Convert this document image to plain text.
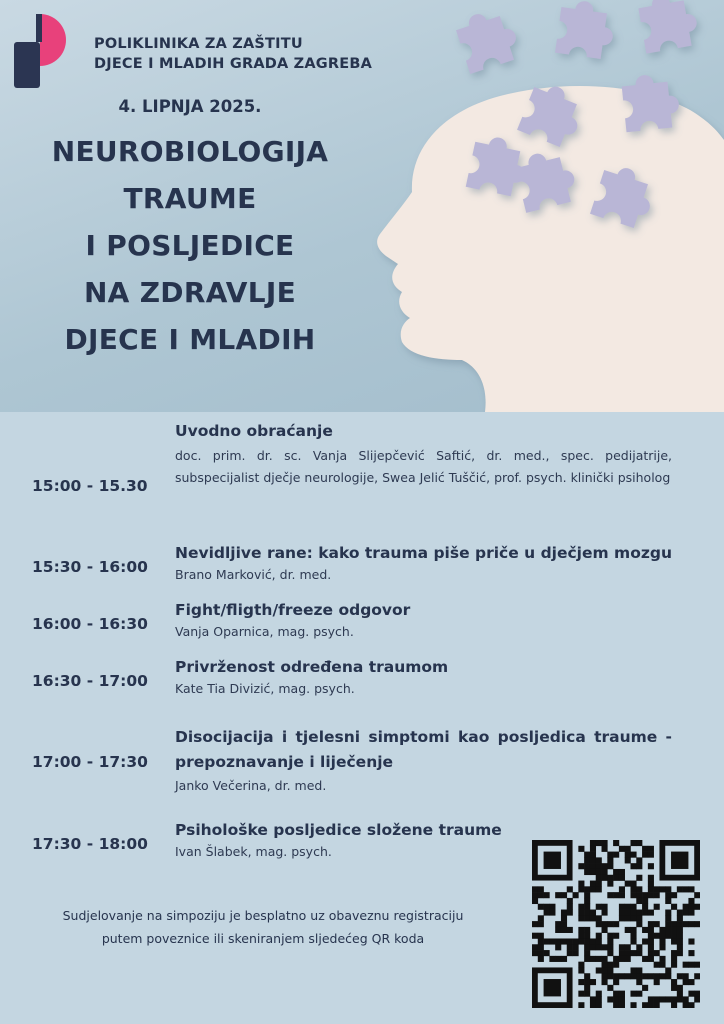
POLIKLINIKA ZA ZAŠTITU
DJECE I MLADIH GRADA ZAGREBA
4. LIPNJA 2025.
NEUROBIOLOGIJA
TRAUME
I POSLJEDICE
NA ZDRAVLJE
DJECE I MLADIH
15:00 - 15.30
Uvodno obraćanje
doc. prim. dr. sc. Vanja Slijepčević Saftić, dr. med., spec. pedijatrije, subspecijalist dječje neurologije, Swea Jelić Tuščić, prof. psych. klinički psiholog
15:30 - 16:00
Nevidljive rane: kako trauma piše priče u dječjem mozgu
Brano Marković, dr. med.
16:00 - 16:30
Fight/fligth/freeze odgovor
Vanja Oparnica, mag. psych.
16:30 - 17:00
Privrženost određena traumom
Kate Tia Divizić, mag. psych.
17:00 - 17:30
Disocijacija i tjelesni simptomi kao posljedica traume - prepoznavanje i liječenje
Janko Večerina, dr. med.
17:30 - 18:00
Psihološke posljedice složene traume
Ivan Šlabek, mag. psych.
Sudjelovanje na simpoziju je besplatno uz obaveznu registraciju
putem poveznice ili skeniranjem sljedećeg QR koda
